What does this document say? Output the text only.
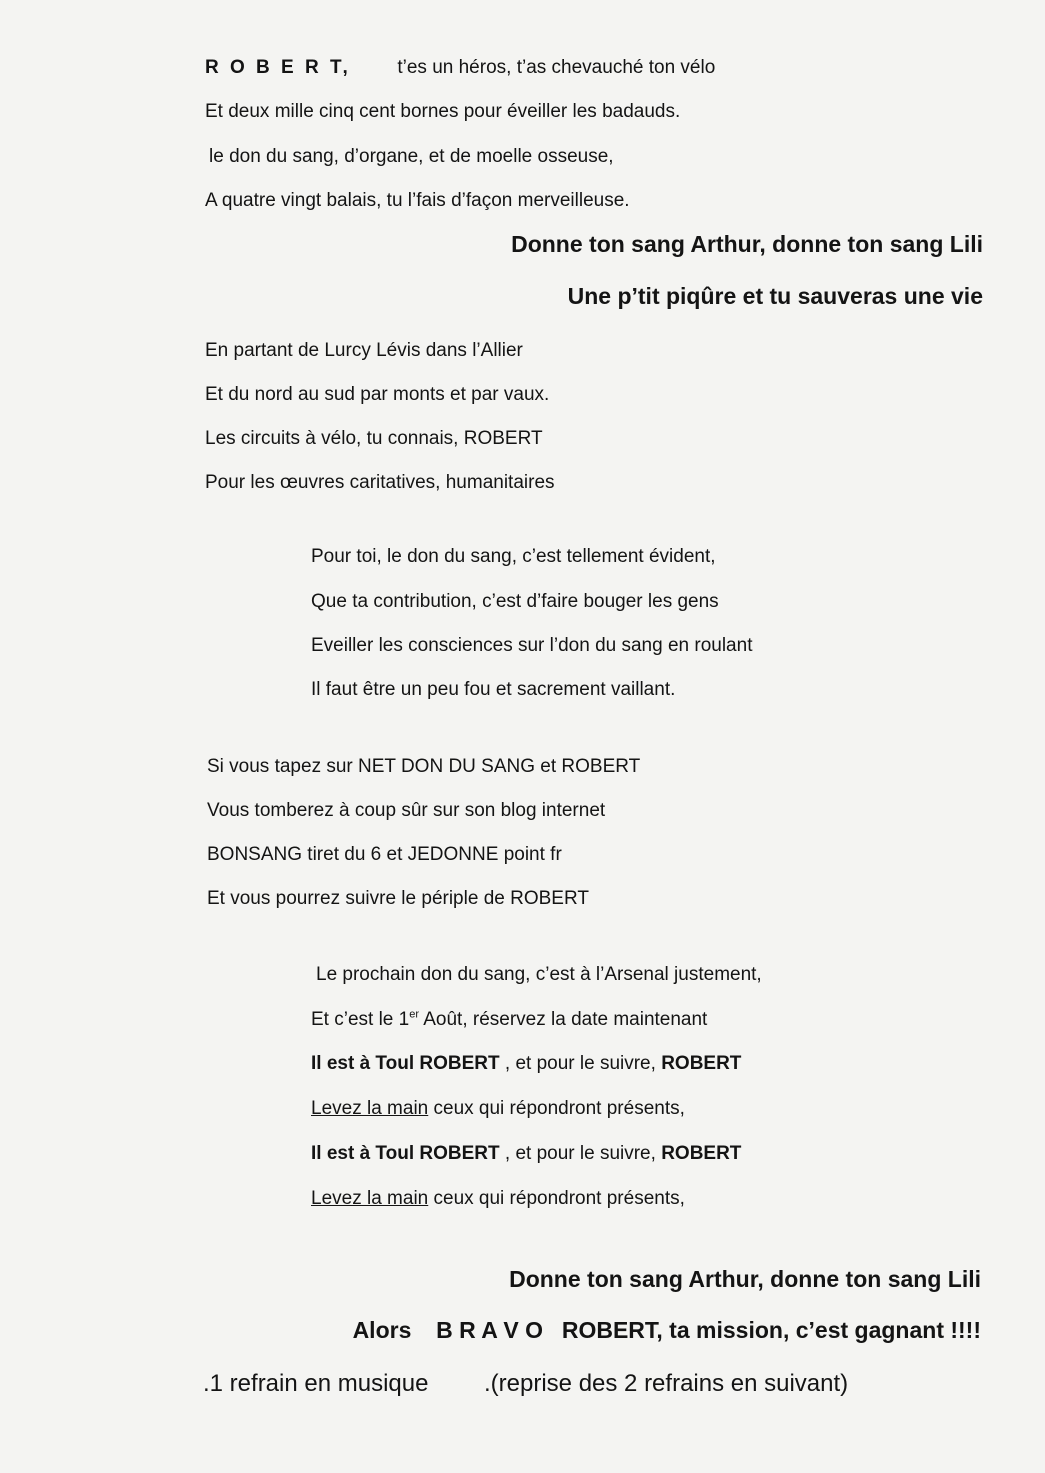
R O B E R T, t’es un héros, t’as chevauché ton vélo
Et deux mille cinq cent bornes pour éveiller les badauds.
le don du sang, d’organe, et de moelle osseuse,
A quatre vingt balais, tu l’fais d’façon merveilleuse.
Donne ton sang Arthur, donne ton sang Lili
Une p’tit piqûre et tu sauveras une vie
En partant de Lurcy Lévis dans l’Allier
Et du nord au sud par monts et par vaux.
Les circuits à vélo, tu connais, ROBERT
Pour les œuvres caritatives, humanitaires
Pour toi, le don du sang, c’est tellement évident,
Que ta contribution, c’est d’faire bouger les gens
Eveiller les consciences sur l’don du sang en roulant
Il faut être un peu fou et sacrement vaillant.
Si vous tapez sur NET DON DU SANG et ROBERT
Vous tomberez à coup sûr sur son blog internet
BONSANG tiret du 6 et JEDONNE point fr
Et vous pourrez suivre le périple de ROBERT
Le prochain don du sang, c’est à l’Arsenal justement,
Et c’est le 1er Août, réservez la date maintenant
Il est à Toul ROBERT , et pour le suivre, ROBERT
Levez la main ceux qui répondront présents,
Il est à Toul ROBERT , et pour le suivre, ROBERT
Levez la main ceux qui répondront présents,
Donne ton sang Arthur, donne ton sang Lili
Alors B R A V O ROBERT, ta mission, c’est gagnant !!!!
.1 refrain en musique .(reprise des 2 refrains en suivant)
